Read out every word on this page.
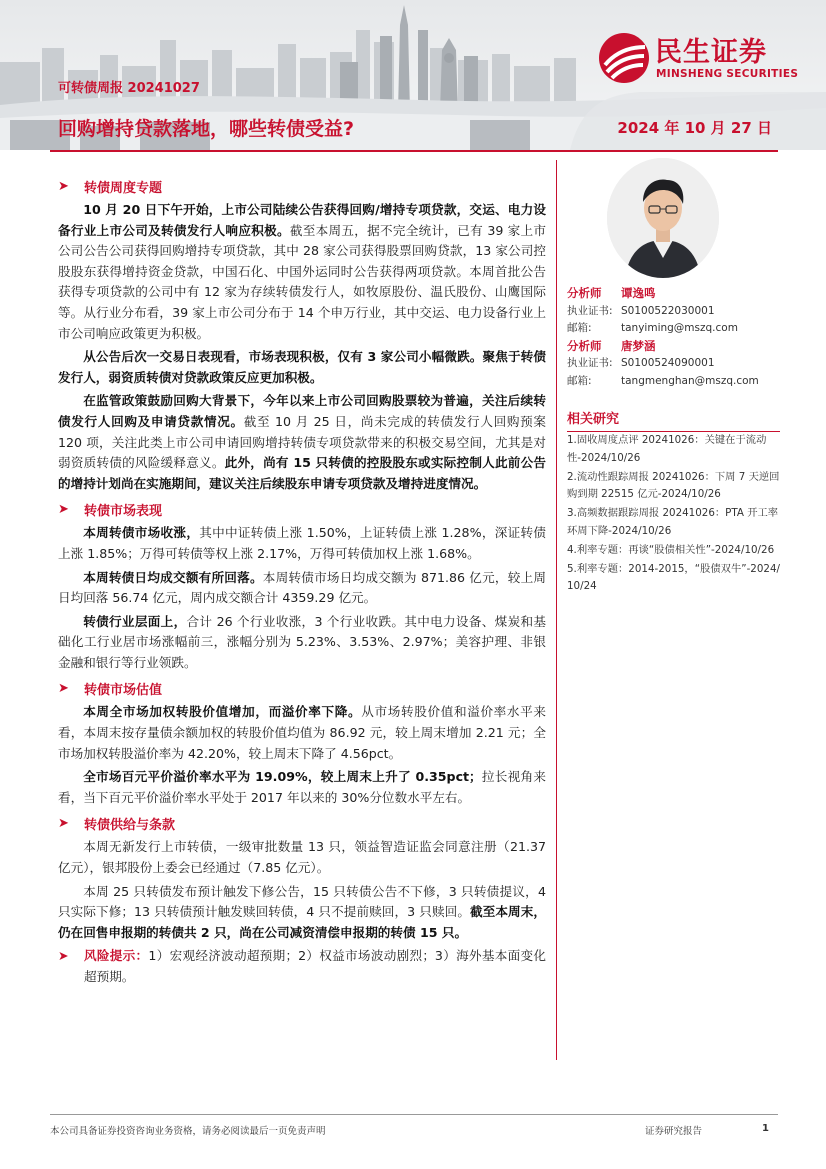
民生证券
MINSHENG SECURITIES
可转债周报 20241027
回购增持贷款落地，哪些转债受益?	2024 年 10 月 27 日
➤	转债周度专题

10 月 20 日下午开始，上市公司陆续公告获得回购/增持专项贷款，交运、电力设备行业上市公司及转债发行人响应积极。截至本周五，据不完全统计，已有 39 家上市公司公告公司获得回购增持专项贷款，其中 28 家公司获得股票回购贷款，13 家公司控股股东获得增持资金贷款，中国石化、中国外运同时公告获得两项贷款。本周首批公告获得专项贷款的公司中有 12 家为存续转债发行人，如牧原股份、温氏股份、山鹰国际等。从行业分布看，39 家上市公司分布于 14 个申万行业，其中交运、电力设备行业上市公司响应政策更为积极。

从公告后次一交易日表现看，市场表现积极，仅有 3 家公司小幅微跌。聚焦于转债发行人，弱资质转债对贷款政策反应更加积极。

在监管政策鼓励回购大背景下，今年以来上市公司回购股票较为普遍，关注后续转债发行人回购及申请贷款情况。截至 10 月 25 日，尚未完成的转债发行人回购预案 120 项，关注此类上市公司申请回购增持转债专项贷款带来的积极交易空间，尤其是对弱资质转债的风险缓释意义。此外，尚有 15 只转债的控股股东或实际控制人此前公告的增持计划尚在实施期间，建议关注后续股东申请专项贷款及增持进度情况。

➤	转债市场表现

本周转债市场收涨，其中中证转债上涨 1.50%，上证转债上涨 1.28%，深证转债上涨 1.85%；万得可转债等权上涨 2.17%，万得可转债加权上涨 1.68%。

本周转债日均成交额有所回落。本周转债市场日均成交额为 871.86 亿元，较上周日均回落 56.74 亿元，周内成交额合计 4359.29 亿元。

转债行业层面上，合计 26 个行业收涨，3 个行业收跌。其中电力设备、煤炭和基础化工行业居市场涨幅前三，涨幅分别为 5.23%、3.53%、2.97%；美容护理、非银金融和银行等行业领跌。

➤	转债市场估值

本周全市场加权转股价值增加，而溢价率下降。从市场转股价值和溢价率水平来看，本周末按存量债余额加权的转股价值均值为 86.92 元，较上周末增加 2.21 元；全市场加权转股溢价率为 42.20%，较上周末下降了 4.56pct。

全市场百元平价溢价率水平为 19.09%，较上周末上升了 0.35pct；拉长视角来看，当下百元平价溢价率水平处于 2017 年以来的 30%分位数水平左右。

➤	转债供给与条款

本周无新发行上市转债，一级审批数量 13 只，领益智造证监会同意注册（21.37 亿元），银邦股份上委会已经通过（7.85 亿元）。

本周 25 只转债发布预计触发下修公告，15 只转债公告不下修，3 只转债提议，4 只实际下修；13 只转债预计触发赎回转债，4 只不提前赎回，3 只赎回。截至本周末，仍在回售申报期的转债共 2 只，尚在公司减资清偿申报期的转债 15 只。

➤	风险提示：1）宏观经济波动超预期；2）权益市场波动剧烈；3）海外基本面变化超预期。
分析师	谭逸鸣
执业证书: S0100522030001
邮箱:	tanyiming@mszq.com
分析师	唐梦涵
执业证书: S0100524090001
邮箱:	tangmenghan@mszq.com
相关研究
1.固收周度点评 20241026：关键在于流动性-2024/10/26
2.流动性跟踪周报 20241026：下周 7 天逆回购到期 22515 亿元-2024/10/26
3.高频数据跟踪周报 20241026：PTA 开工率环周下降-2024/10/26
4.利率专题：再谈“股债相关性”-2024/10/26
5.利率专题：2014-2015，“股债双牛”-2024/10/24
本公司具备证券投资咨询业务资格，请务必阅读最后一页免责声明	证券研究报告	1
